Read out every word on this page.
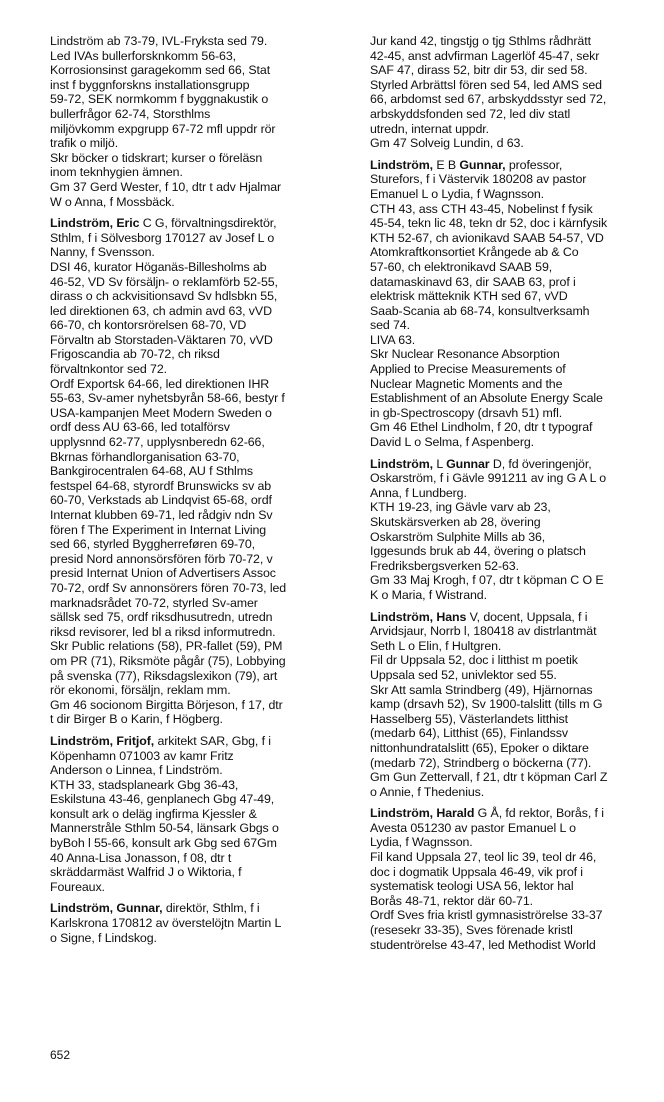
Lindström ab 73-79, IVL-Fryksta sed 79.
Led IVAs bullerforsknkomm 56-63,
Korrosionsinst garagekomm sed 66, Stat
inst f byggnforskns installationsgrupp
59-72, SEK normkomm f byggnakustik o
bullerfrågor 62-74, Storsthlms
miljövkomm expgrupp 67-72 mfl uppdr rör
trafik o miljö.
Skr böcker o tidskrart; kurser o föreläsn
inom teknhygien ämnen.
Gm 37 Gerd Wester, f 10, dtr t adv Hjalmar
W o Anna, f Mossbäck.
Lindström, Eric C G, förvaltningsdirektör,
Sthlm, f i Sölvesborg 170127 av Josef L o
Nanny, f Svensson.
DSI 46, kurator Höganäs-Billesholms ab
46-52, VD Sv försäljn- o reklamförb 52-55,
dirass o ch ackvisitionsavd Sv hdlsbkn 55,
led direktionen 63, ch admin avd 63, vVD
66-70, ch kontorsrörelsen 68-70, VD
Förvaltn ab Storstaden-Väktaren 70, vVD
Frigoscandia ab 70-72, ch riksd
förvaltnkontor sed 72.
Ordf Exportsk 64-66, led direktionen IHR
55-63, Sv-amer nyhetsbyrån 58-66, bestyr f
USA-kampanjen Meet Modern Sweden o
ordf dess AU 63-66, led totalförsv
upplysnnd 62-77, upplysnberedn 62-66,
Bkrnas förhandlorganisation 63-70,
Bankgirocentralen 64-68, AU f Sthlms
festspel 64-68, styrordf Brunswicks sv ab
60-70, Verkstads ab Lindqvist 65-68, ordf
Internat klubben 69-71, led rådgiv ndn Sv
fören f The Experiment in Internat Living
sed 66, styrled Byggherreføren 69-70,
presid Nord annonsörsfören förb 70-72, v
presid Internat Union of Advertisers Assoc
70-72, ordf Sv annonsörers fören 70-73, led
marknadsrådet 70-72, styrled Sv-amer
sällsk sed 75, ordf riksdhusutredn, utredn
riksd revisorer, led bl a riksd informutredn.
Skr Public relations (58), PR-fallet (59), PM
om PR (71), Riksmöte pågår (75), Lobbying
på svenska (77), Riksdagslexikon (79), art
rör ekonomi, försäljn, reklam mm.
Gm 46 socionom Birgitta Börjeson, f 17, dtr
t dir Birger B o Karin, f Högberg.
Lindström, Fritjof, arkitekt SAR, Gbg, f i
Köpenhamn 071003 av kamr Fritz
Anderson o Linnea, f Lindström.
KTH 33, stadsplaneark Gbg 36-43,
Eskilstuna 43-46, genplanech Gbg 47-49,
konsult ark o deläg ingfirma Kjessler &
Mannerstråle Sthlm 50-54, länsark Gbgs o
byBoh l 55-66, konsult ark Gbg sed 67Gm
40 Anna-Lisa Jonasson, f 08, dtr t
skräddarmäst Walfrid J o Wiktoria, f
Foureaux.
Lindström, Gunnar, direktör, Sthlm, f i
Karlskrona 170812 av överstelöjtn Martin L
o Signe, f Lindskog.
Jur kand 42, tingstjg o tjg Sthlms rådhrätt
42-45, anst advfirman Lagerlöf 45-47, sekr
SAF 47, dirass 52, bitr dir 53, dir sed 58.
Styrled Arbrättsl fören sed 54, led AMS sed
66, arbdomst sed 67, arbskyddsstyr sed 72,
arbskyddsfonden sed 72, led div statl
utredn, internat uppdr.
Gm 47 Solveig Lundin, d 63.
Lindström, E B Gunnar, professor,
Sturefors, f i Västervik 180208 av pastor
Emanuel L o Lydia, f Wagnsson.
CTH 43, ass CTH 43-45, Nobelinst f fysik
45-54, tekn lic 48, tekn dr 52, doc i kärnfysik
KTH 52-67, ch avionikavd SAAB 54-57, VD
Atomkraftkonsortiet Krångede ab & Co
57-60, ch elektronikavd SAAB 59,
datamaskinavd 63, dir SAAB 63, prof i
elektrisk mätteknik KTH sed 67, vVD
Saab-Scania ab 68-74, konsultverksamh
sed 74.
LIVA 63.
Skr Nuclear Resonance Absorption
Applied to Precise Measurements of
Nuclear Magnetic Moments and the
Establishment of an Absolute Energy Scale
in gb-Spectroscopy (drsavh 51) mfl.
Gm 46 Ethel Lindholm, f 20, dtr t typograf
David L o Selma, f Aspenberg.
Lindström, L Gunnar D, fd överingenjör,
Oskarström, f i Gävle 991211 av ing G A L o
Anna, f Lundberg.
KTH 19-23, ing Gävle varv ab 23,
Skutskärsverken ab 28, övering
Oskarström Sulphite Mills ab 36,
Iggesunds bruk ab 44, övering o platsch
Fredriksbergsverken 52-63.
Gm 33 Maj Krogh, f 07, dtr t köpman C O E
K o Maria, f Wistrand.
Lindström, Hans V, docent, Uppsala, f i
Arvidsjaur, Norrb l, 180418 av distrlantmät
Seth L o Elin, f Hultgren.
Fil dr Uppsala 52, doc i litthist m poetik
Uppsala sed 52, univlektor sed 55.
Skr Att samla Strindberg (49), Hjärnornas
kamp (drsavh 52), Sv 1900-talslitt (tills m G
Hasselberg 55), Västerlandets litthist
(medarb 64), Litthist (65), Finlandssv
nittonhundratalslitt (65), Epoker o diktare
(medarb 72), Strindberg o böckerna (77).
Gm Gun Zettervall, f 21, dtr t köpman Carl Z
o Annie, f Thedenius.
Lindström, Harald G Å, fd rektor, Borås, f i
Avesta 051230 av pastor Emanuel L o
Lydia, f Wagnsson.
Fil kand Uppsala 27, teol lic 39, teol dr 46,
doc i dogmatik Uppsala 46-49, vik prof i
systematisk teologi USA 56, lektor hal
Borås 48-71, rektor där 60-71.
Ordf Sves fria kristl gymnasiströrelse 33-37
(resesekr 33-35), Sves förenade kristl
studentrörelse 43-47, led Methodist World
652
